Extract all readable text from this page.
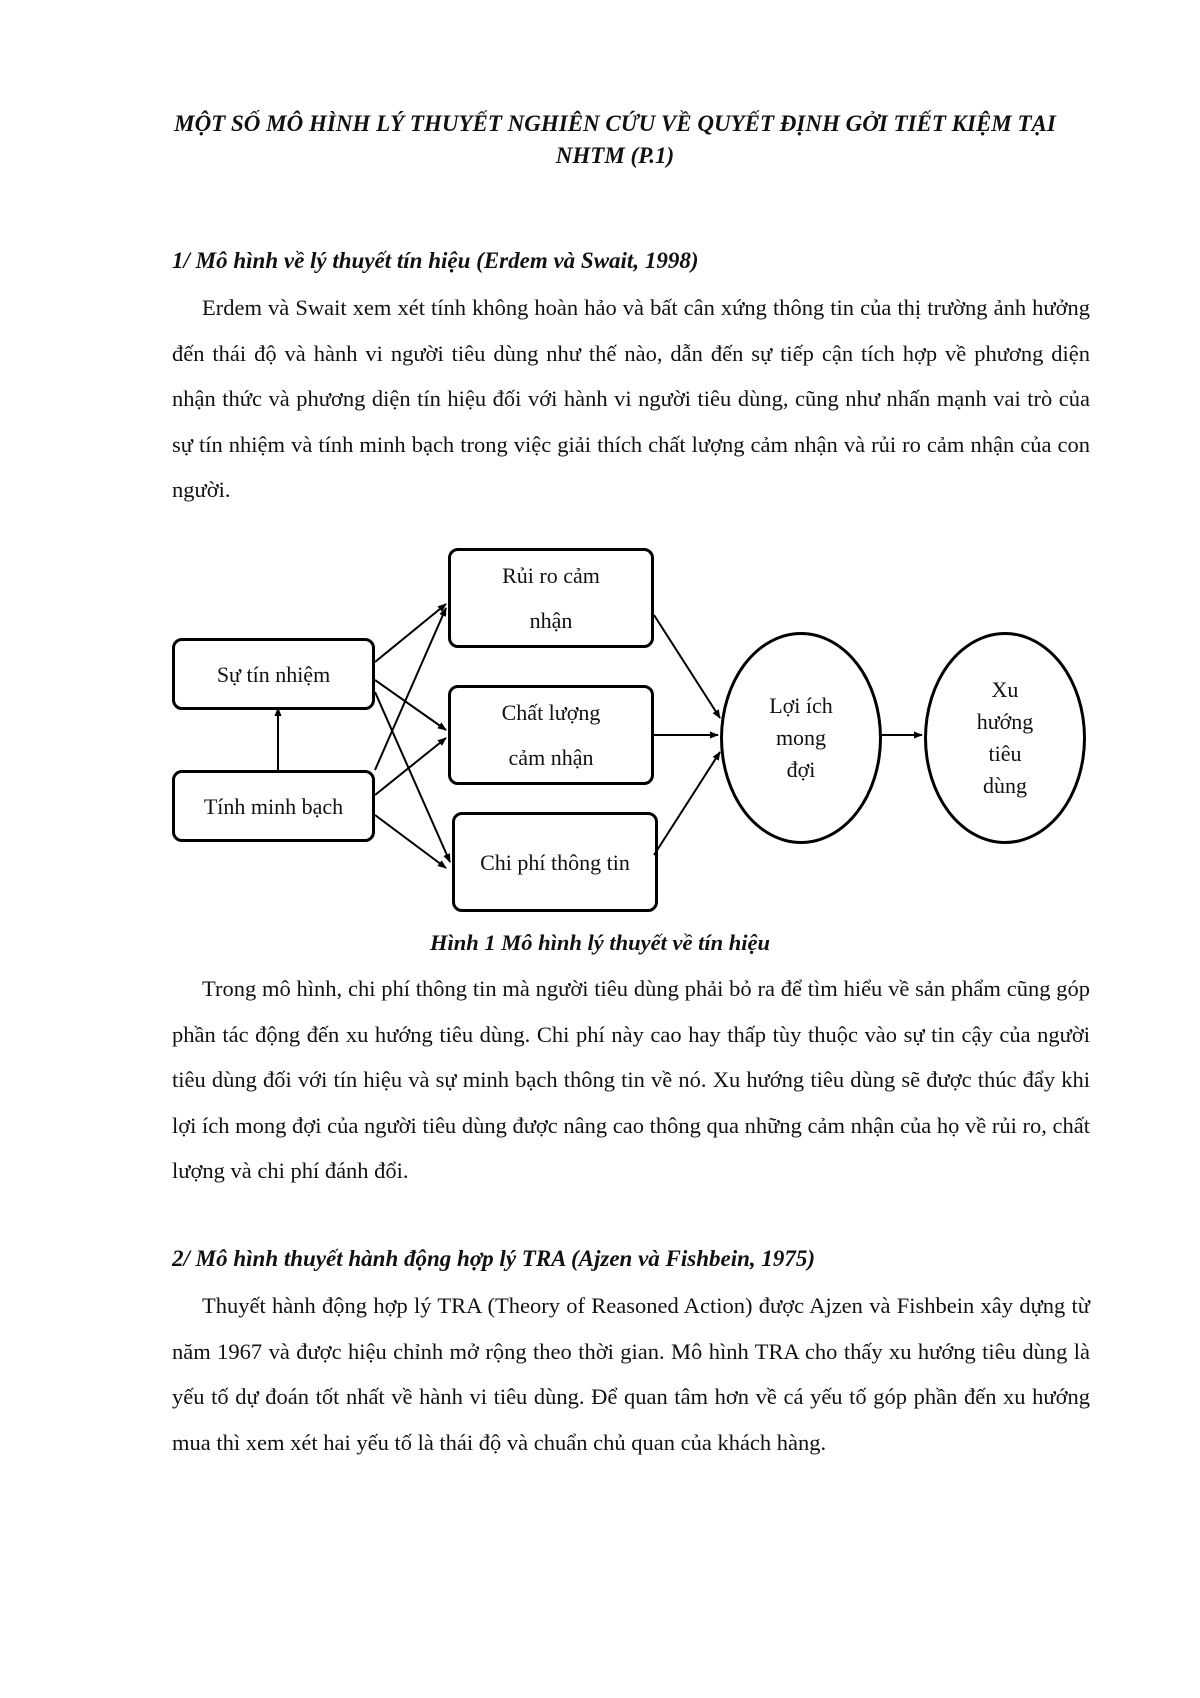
MỘT SỐ MÔ HÌNH LÝ THUYẾT NGHIÊN CỨU VỀ QUYẾT ĐỊNH GỞI TIẾT KIỆM TẠI NHTM (P.1)
1/ Mô hình về lý thuyết tín hiệu (Erdem và Swait, 1998)

Erdem và Swait xem xét tính không hoàn hảo và bất cân xứng thông tin của thị trường ảnh hưởng đến thái độ và hành vi người tiêu dùng như thế nào, dẫn đến sự tiếp cận tích hợp về phương diện nhận thức và phương diện tín hiệu đối với hành vi người tiêu dùng, cũng như nhấn mạnh vai trò của sự tín nhiệm và tính minh bạch trong việc giải thích chất lượng cảm nhận và rủi ro cảm nhận của con người.

Sự tín nhiệm
Tính minh bạch
Rủi ro cảm nhận
Chất lượng cảm nhận
Chi phí thông tin
Lợi ích mong đợi
Xu hướng tiêu dùng
Hình 1 Mô hình lý thuyết về tín hiệu

Trong mô hình, chi phí thông tin mà người tiêu dùng phải bỏ ra để tìm hiểu về sản phẩm cũng góp phần tác động đến xu hướng tiêu dùng. Chi phí này cao hay thấp tùy thuộc vào sự tin cậy của người tiêu dùng đối với tín hiệu và sự minh bạch thông tin về nó. Xu hướng tiêu dùng sẽ được thúc đẩy khi lợi ích mong đợi của người tiêu dùng được nâng cao thông qua những cảm nhận của họ về rủi ro, chất lượng và chi phí đánh đổi.

2/ Mô hình thuyết hành động hợp lý TRA (Ajzen và Fishbein, 1975)

Thuyết hành động hợp lý TRA (Theory of Reasoned Action) được Ajzen và Fishbein xây dựng từ năm 1967 và được hiệu chỉnh mở rộng theo thời gian. Mô hình TRA cho thấy xu hướng tiêu dùng là yếu tố dự đoán tốt nhất về hành vi tiêu dùng. Để quan tâm hơn về cá yếu tố góp phần đến xu hướng mua thì xem xét hai yếu tố là thái độ và chuẩn chủ quan của khách hàng.
